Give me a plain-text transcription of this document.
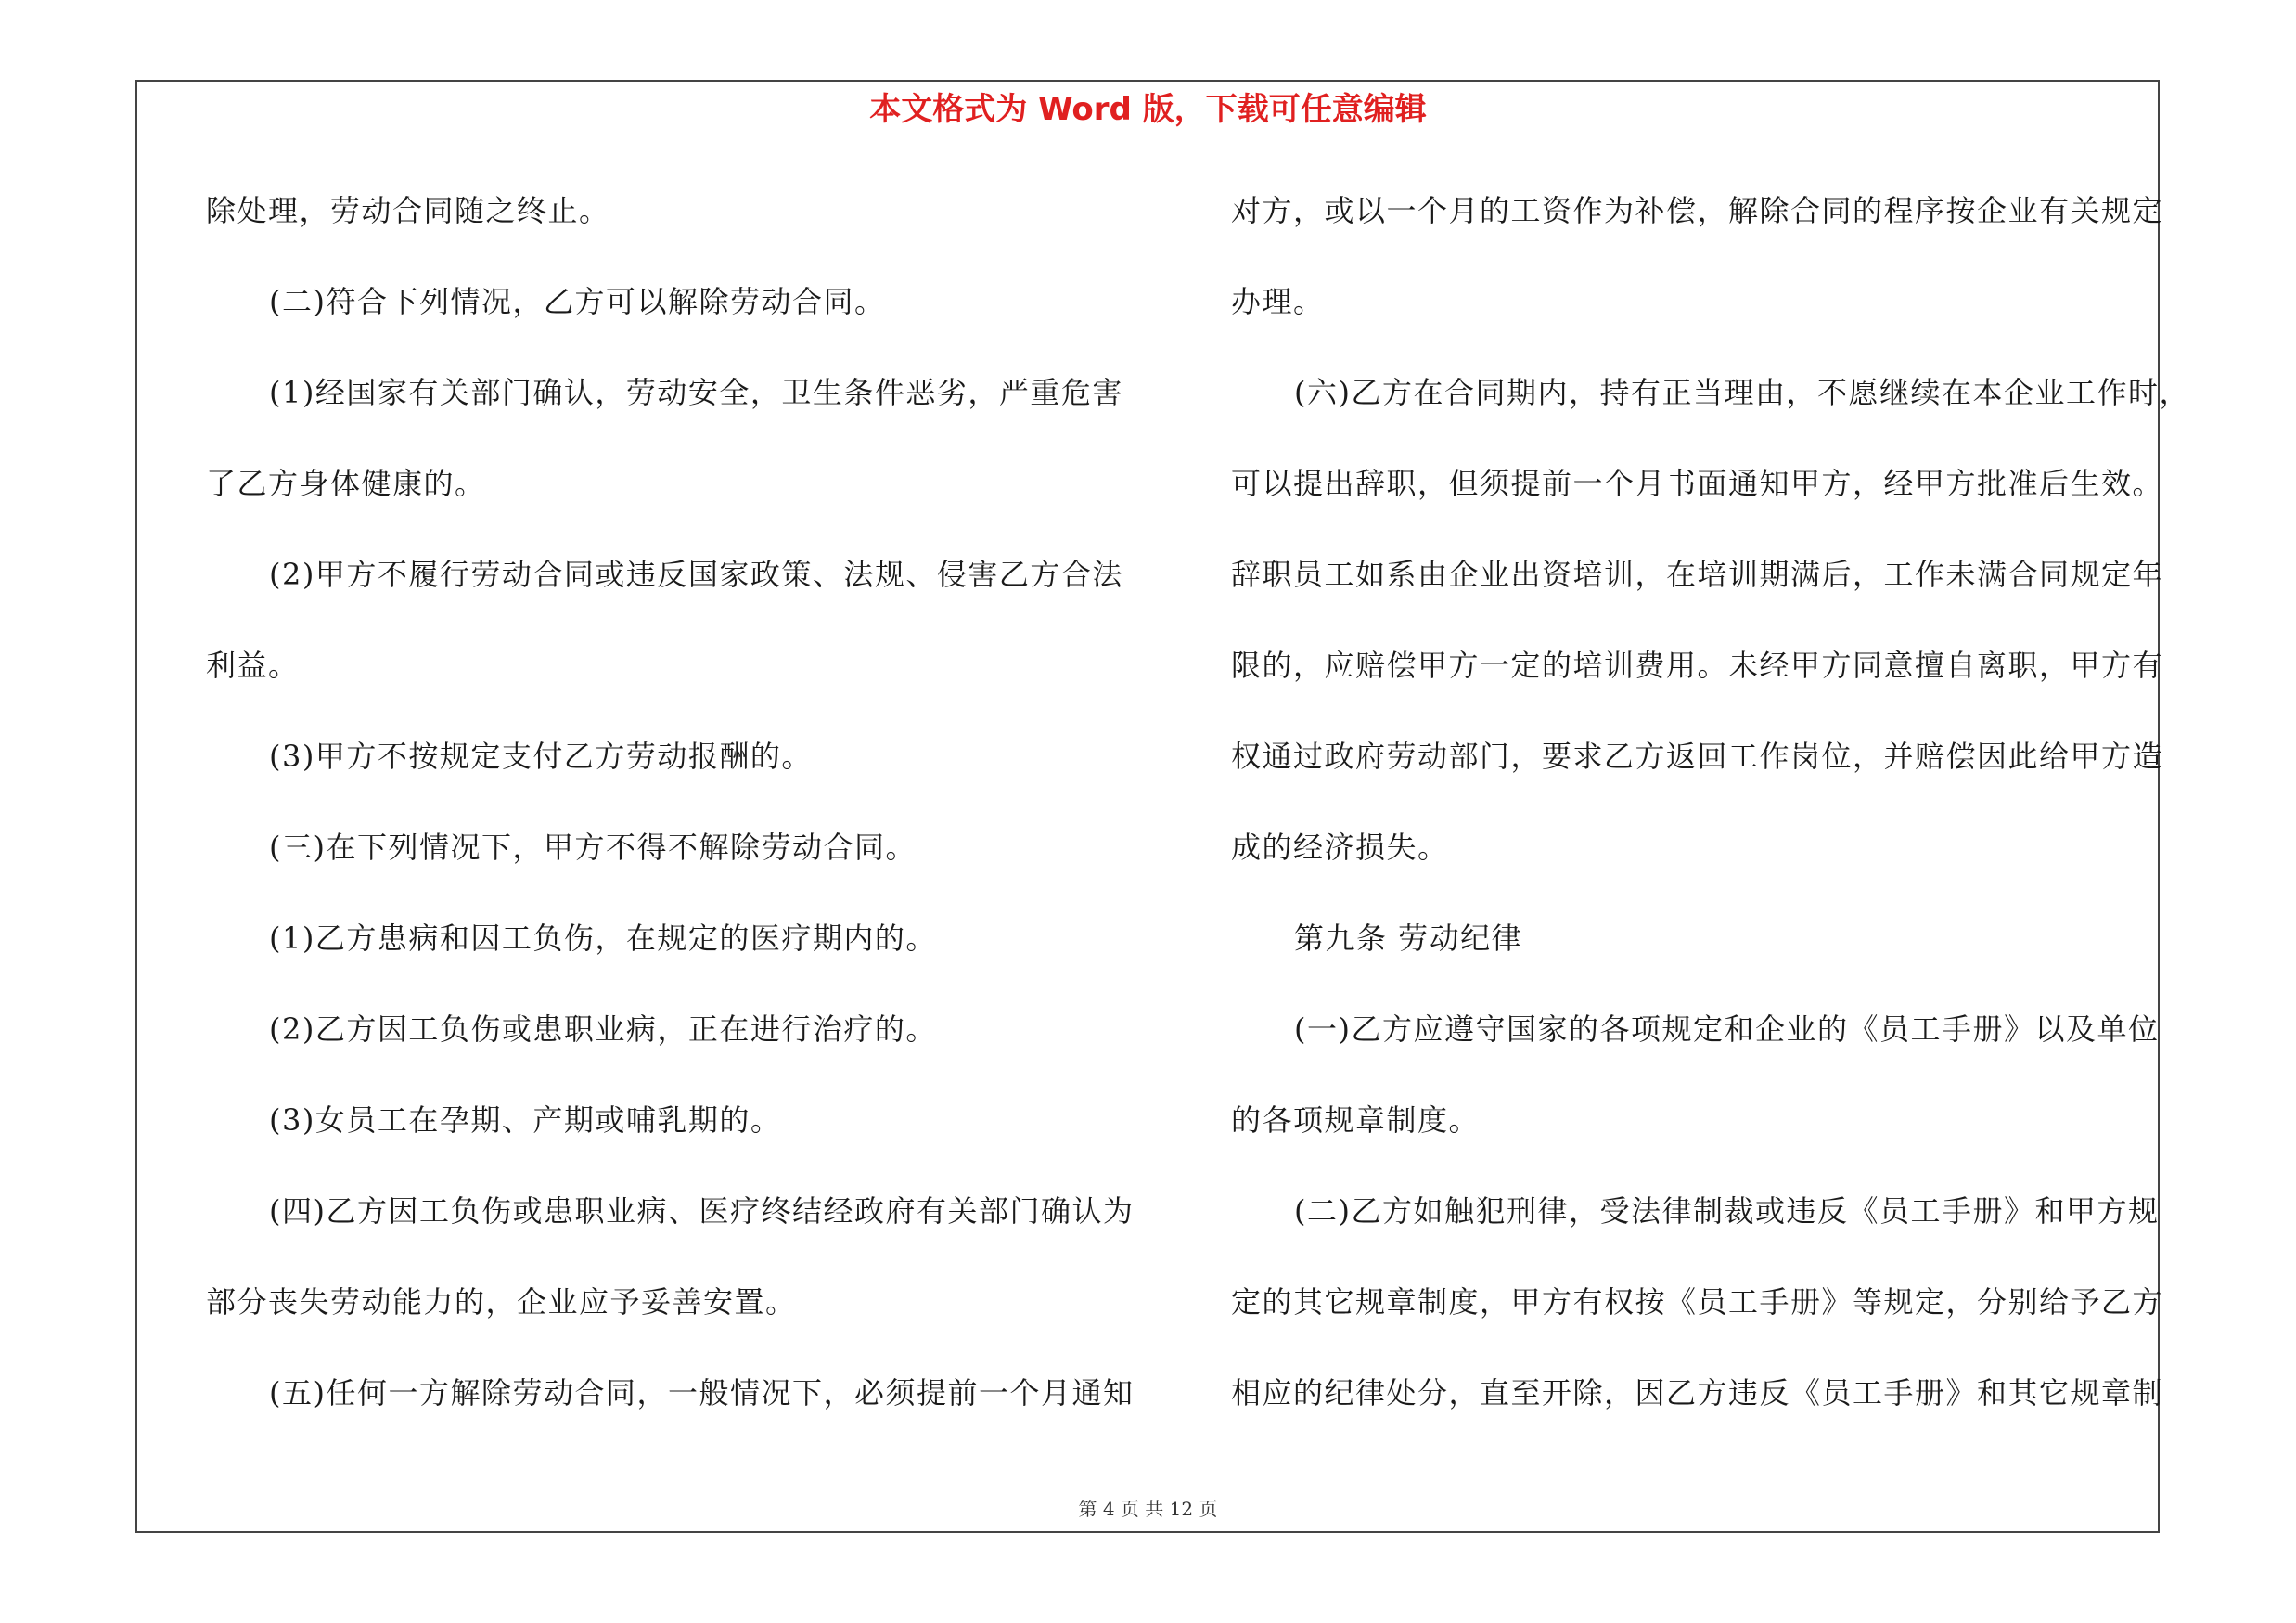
本文格式为 Word 版，下载可任意编辑
除处理，劳动合同随之终止。
(二)符合下列情况，乙方可以解除劳动合同。
(1)经国家有关部门确认，劳动安全，卫生条件恶劣，严重危害
了乙方身体健康的。
(2)甲方不履行劳动合同或违反国家政策、法规、侵害乙方合法
利益。
(3)甲方不按规定支付乙方劳动报酬的。
(三)在下列情况下，甲方不得不解除劳动合同。
(1)乙方患病和因工负伤，在规定的医疗期内的。
(2)乙方因工负伤或患职业病，正在进行治疗的。
(3)女员工在孕期、产期或哺乳期的。
(四)乙方因工负伤或患职业病、医疗终结经政府有关部门确认为
部分丧失劳动能力的，企业应予妥善安置。
(五)任何一方解除劳动合同，一般情况下，必须提前一个月通知
对方，或以一个月的工资作为补偿，解除合同的程序按企业有关规定
办理。
(六)乙方在合同期内，持有正当理由，不愿继续在本企业工作时，
可以提出辞职，但须提前一个月书面通知甲方，经甲方批准后生效。
辞职员工如系由企业出资培训，在培训期满后，工作未满合同规定年
限的，应赔偿甲方一定的培训费用。未经甲方同意擅自离职，甲方有
权通过政府劳动部门，要求乙方返回工作岗位，并赔偿因此给甲方造
成的经济损失。
第九条 劳动纪律
(一)乙方应遵守国家的各项规定和企业的《员工手册》以及单位
的各项规章制度。
(二)乙方如触犯刑律，受法律制裁或违反《员工手册》和甲方规
定的其它规章制度，甲方有权按《员工手册》等规定，分别给予乙方
相应的纪律处分，直至开除，因乙方违反《员工手册》和其它规章制
第 4 页 共 12 页
